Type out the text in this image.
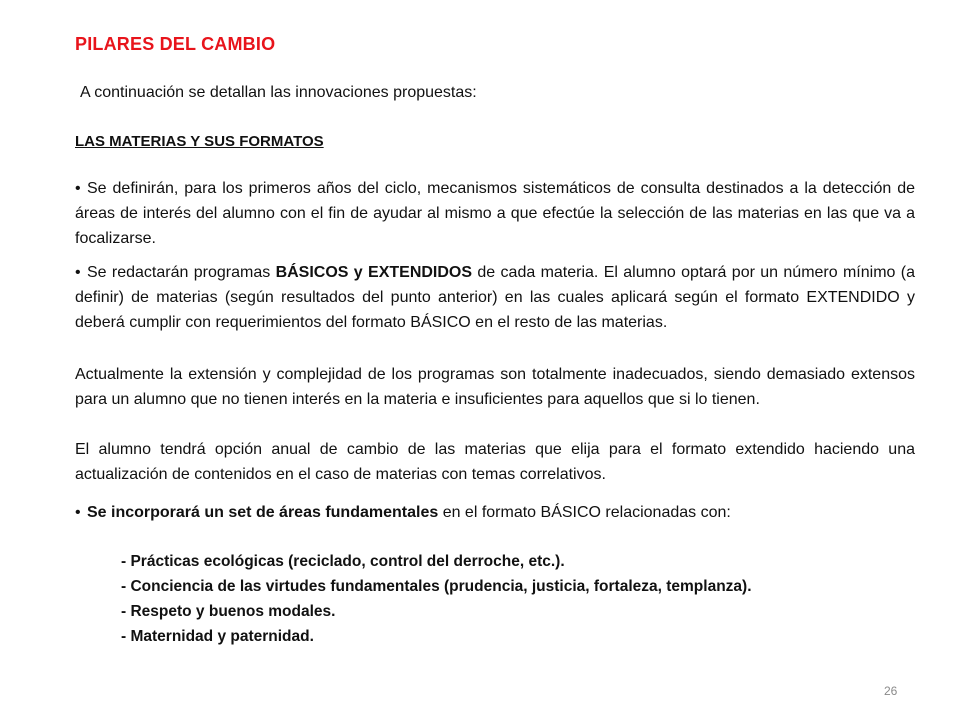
PILARES DEL CAMBIO
A continuación se detallan las innovaciones propuestas:
LAS MATERIAS Y SUS FORMATOS
• Se definirán, para los primeros años del ciclo, mecanismos sistemáticos de consulta destinados a la detección de áreas de interés del alumno con el fin de ayudar al mismo a que efectúe la selección de las materias en las que va a focalizarse.
• Se redactarán programas BÁSICOS y EXTENDIDOS de cada materia. El alumno optará por un número mínimo (a definir) de materias (según resultados del punto anterior) en las cuales aplicará según el formato EXTENDIDO y deberá cumplir con requerimientos del formato BÁSICO en el resto de las materias.
Actualmente la extensión y complejidad de los programas son totalmente inadecuados, siendo demasiado extensos para un alumno que no tienen interés en la materia e insuficientes para aquellos que si lo tienen.
El alumno tendrá opción anual de cambio de las materias que elija para el formato extendido haciendo una actualización de contenidos en el caso de materias con temas correlativos.
• Se incorporará un set de áreas fundamentales en el formato BÁSICO relacionadas con:
- Prácticas ecológicas (reciclado, control del derroche, etc.).
- Conciencia de las virtudes fundamentales (prudencia, justicia, fortaleza, templanza).
- Respeto y buenos modales.
- Maternidad y paternidad.
26
